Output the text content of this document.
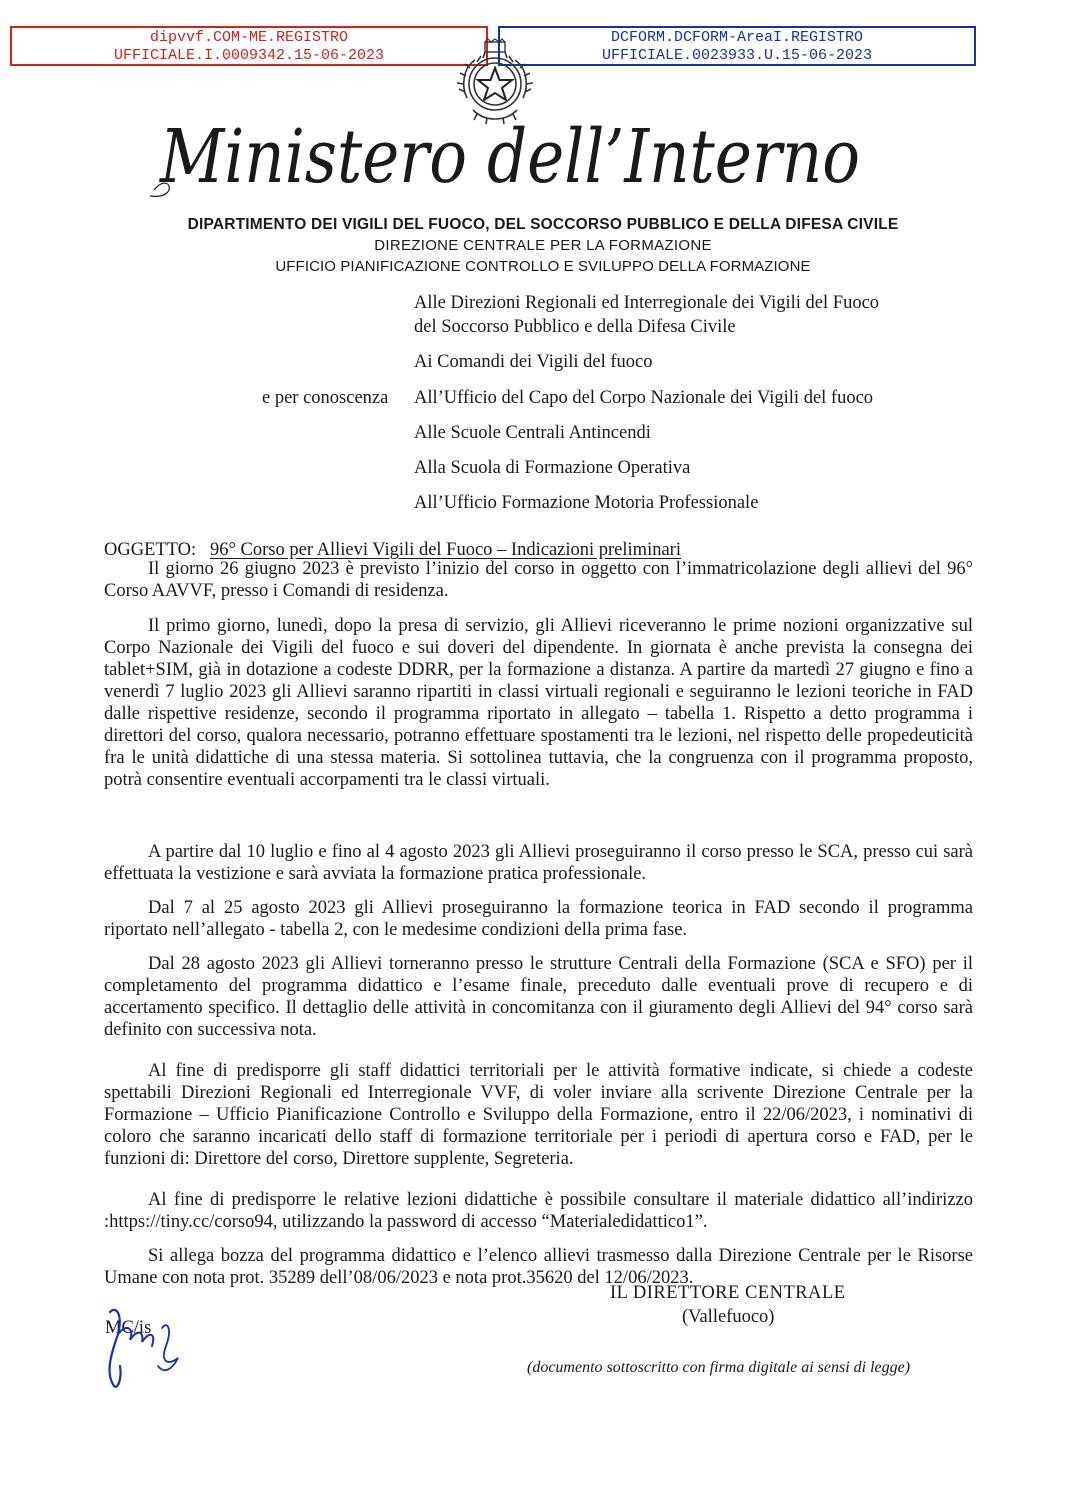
dipvvf.COM-ME.REGISTRO
UFFICIALE.I.0009342.15-06-2023
DCFORM.DCFORM-AreaI.REGISTRO
UFFICIALE.0023933.U.15-06-2023
Ministero dell’Interno
DIPARTIMENTO DEI VIGILI DEL FUOCO, DEL SOCCORSO PUBBLICO E DELLA DIFESA CIVILE
DIREZIONE CENTRALE PER LA FORMAZIONE
UFFICIO PIANIFICAZIONE CONTROLLO E SVILUPPO DELLA FORMAZIONE
Alle Direzioni Regionali ed Interregionale dei Vigili del Fuoco
del Soccorso Pubblico e della Difesa Civile
Ai Comandi dei Vigili del fuoco
e per conoscenza All’Ufficio del Capo del Corpo Nazionale dei Vigili del fuoco
Alle Scuole Centrali Antincendi
Alla Scuola di Formazione Operativa
All’Ufficio Formazione Motoria Professionale
OGGETTO: 96° Corso per Allievi Vigili del Fuoco – Indicazioni preliminari

Il giorno 26 giugno 2023 è previsto l’inizio del corso in oggetto con l’immatricolazione degli allievi del 96° Corso AAVVF, presso i Comandi di residenza.

Il primo giorno, lunedì, dopo la presa di servizio, gli Allievi riceveranno le prime nozioni organizzative sul Corpo Nazionale dei Vigili del fuoco e sui doveri del dipendente. In giornata è anche prevista la consegna dei tablet+SIM, già in dotazione a codeste DDRR, per la formazione a distanza. A partire da martedì 27 giugno e fino a venerdì 7 luglio 2023 gli Allievi saranno ripartiti in classi virtuali regionali e seguiranno le lezioni teoriche in FAD dalle rispettive residenze, secondo il programma riportato in allegato – tabella 1. Rispetto a detto programma i direttori del corso, qualora necessario, potranno effettuare spostamenti tra le lezioni, nel rispetto delle propedeuticità fra le unità didattiche di una stessa materia. Si sottolinea tuttavia, che la congruenza con il programma proposto, potrà consentire eventuali accorpamenti tra le classi virtuali.

A partire dal 10 luglio e fino al 4 agosto 2023 gli Allievi proseguiranno il corso presso le SCA, presso cui sarà effettuata la vestizione e sarà avviata la formazione pratica professionale.

Dal 7 al 25 agosto 2023 gli Allievi proseguiranno la formazione teorica in FAD secondo il programma riportato nell’allegato - tabella 2, con le medesime condizioni della prima fase.

Dal 28 agosto 2023 gli Allievi torneranno presso le strutture Centrali della Formazione (SCA e SFO) per il completamento del programma didattico e l’esame finale, preceduto dalle eventuali prove di recupero e di accertamento specifico. Il dettaglio delle attività in concomitanza con il giuramento degli Allievi del 94° corso sarà definito con successiva nota.

Al fine di predisporre gli staff didattici territoriali per le attività formative indicate, si chiede a codeste spettabili Direzioni Regionali ed Interregionale VVF, di voler inviare alla scrivente Direzione Centrale per la Formazione – Ufficio Pianificazione Controllo e Sviluppo della Formazione, entro il 22/06/2023, i nominativi di coloro che saranno incaricati dello staff di formazione territoriale per i periodi di apertura corso e FAD, per le funzioni di: Direttore del corso, Direttore supplente, Segreteria.

Al fine di predisporre le relative lezioni didattiche è possibile consultare il materiale didattico all’indirizzo :https://tiny.cc/corso94, utilizzando la password di accesso “Materialedidattico1”.

Si allega bozza del programma didattico e l’elenco allievi trasmesso dalla Direzione Centrale per le Risorse Umane con nota prot. 35289 dell’08/06/2023 e nota prot.35620 del 12/06/2023.

MC/is
IL DIRETTORE CENTRALE
(Vallefuoco)
(documento sottoscritto con firma digitale ai sensi di legge)
